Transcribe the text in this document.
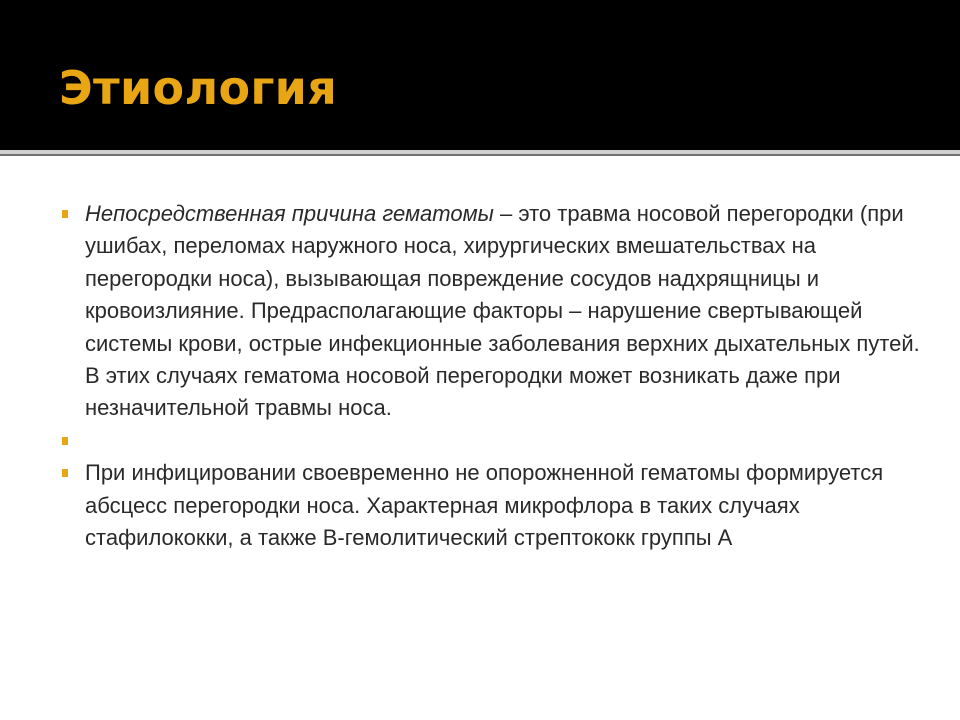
Этиология
Непосредственная причина гематомы – это травма носовой перегородки (при ушибах, переломах наружного носа, хирургических вмешательствах на перегородки носа), вызывающая повреждение сосудов надхрящницы и кровоизлияние. Предрасполагающие факторы – нарушение свертывающей системы крови, острые инфекционные заболевания верхних дыхательных путей. В этих случаях гематома носовой перегородки может возникать даже при незначительной травмы носа.
При инфицировании своевременно не опорожненной гематомы формируется абсцесс перегородки носа. Характерная микрофлора в таких случаях стафилококки, а также В-гемолитический стрептококк группы А
